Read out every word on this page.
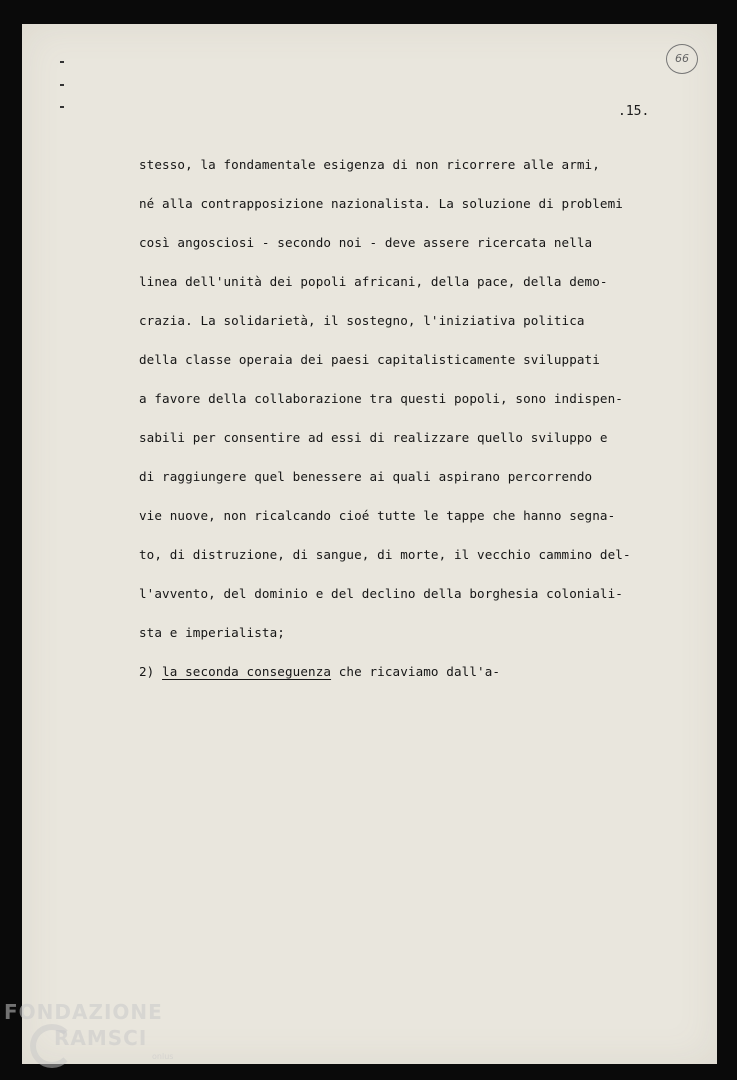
66
.15.

stesso, la fondamentale esigenza di non ricorrere alle armi,
né alla contrapposizione nazionalista. La soluzione di problemi
così angosciosi - secondo noi - deve assere ricercata nella
linea dell'unità dei popoli africani, della pace, della demo-
crazia. La solidarietà, il sostegno, l'iniziativa politica
della classe operaia dei paesi capitalisticamente sviluppati
a favore della collaborazione tra questi popoli, sono indispen-
sabili per consentire ad essi di realizzare quello sviluppo e
di raggiungere quel benessere ai quali aspirano percorrendo
vie nuove, non ricalcando cioé tutte le tappe che hanno segna-
to, di distruzione, di sangue, di morte, il vecchio cammino del-
l'avvento, del dominio e del declino della borghesia coloniali-
sta e imperialista;
2) la seconda conseguenza che ricaviamo dall'a-
FONDAZIONE
RAMSCI
onlus
